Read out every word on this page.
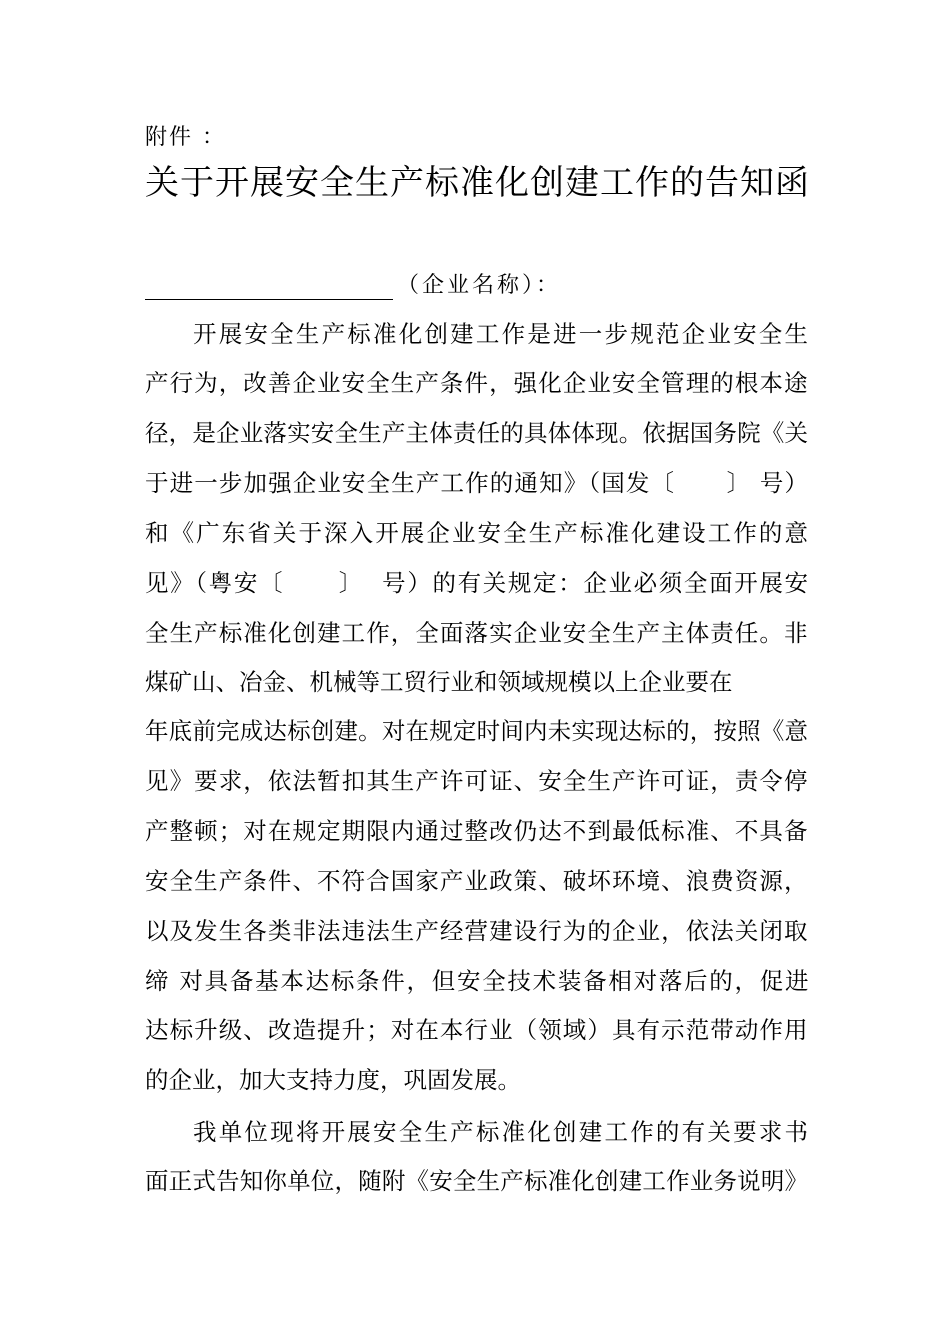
附件 ：
关于开展安全生产标准化创建工作的告知函
（企业名称）：
开展安全生产标准化创建工作是进一步规范企业安全生
产行为，改善企业安全生产条件，强化企业安全管理的根本途
径，是企业落实安全生产主体责任的具体体现。依据国务院《关
于进一步加强企业安全生产工作的通知》（国发〔      〕 号）
和《广东省关于深入开展企业安全生产标准化建设工作的意
见》（粤安〔      〕  号）的有关规定：企业必须全面开展安
全生产标准化创建工作，全面落实企业安全生产主体责任。非
煤矿山、冶金、机械等工贸行业和领域规模以上企业要在
年底前完成达标创建。对在规定时间内未实现达标的，按照《意
见》要求，依法暂扣其生产许可证、安全生产许可证，责令停
产整顿；对在规定期限内通过整改仍达不到最低标准、不具备
安全生产条件、不符合国家产业政策、破坏环境、浪费资源，
以及发生各类非法违法生产经营建设行为的企业，依法关闭取
缔 对具备基本达标条件，但安全技术装备相对落后的，促进
达标升级、改造提升；对在本行业（领域）具有示范带动作用
的企业，加大支持力度，巩固发展。
我单位现将开展安全生产标准化创建工作的有关要求书
面正式告知你单位，随附《安全生产标准化创建工作业务说明》
